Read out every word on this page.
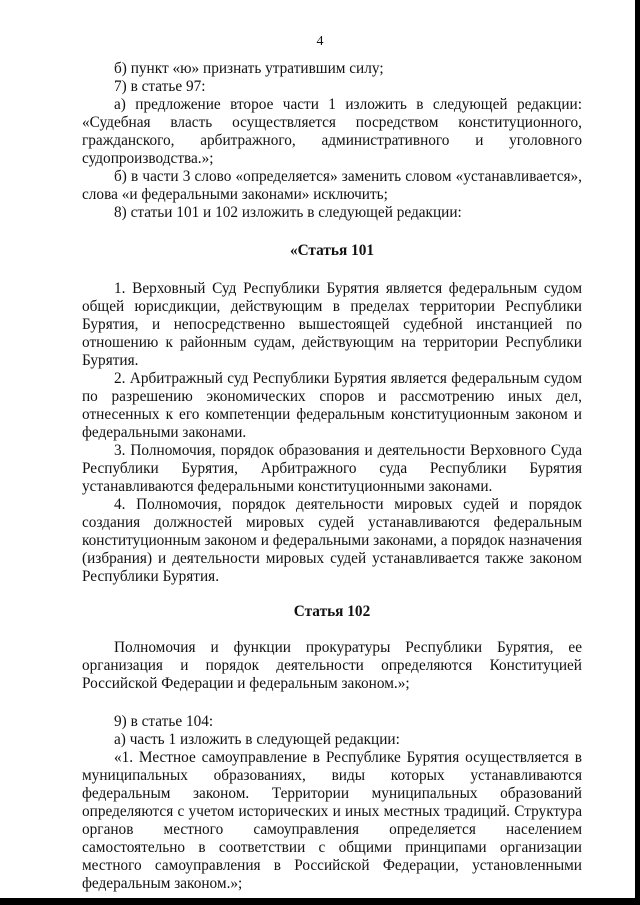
4

б) пункт «ю» признать утратившим силу;

7) в статье 97:

а) предложение второе части 1 изложить в следующей редакции: «Судебная власть осуществляется посредством конституционного, гражданского, арбитражного, административного и уголовного судопроизводства.»;

б) в части 3 слово «определяется» заменить словом «устанавливается», слова «и федеральными законами» исключить;

8) статьи 101 и 102 изложить в следующей редакции:

«Статья 101

1. Верховный Суд Республики Бурятия является федеральным судом общей юрисдикции, действующим в пределах территории Республики Бурятия, и непосредственно вышестоящей судебной инстанцией по отношению к районным судам, действующим на территории Республики Бурятия.

2. Арбитражный суд Республики Бурятия является федеральным судом по разрешению экономических споров и рассмотрению иных дел, отнесенных к его компетенции федеральным конституционным законом и федеральными законами.

3. Полномочия, порядок образования и деятельности Верховного Суда Республики Бурятия, Арбитражного суда Республики Бурятия устанавливаются федеральными конституционными законами.

4. Полномочия, порядок деятельности мировых судей и порядок создания должностей мировых судей устанавливаются федеральным конституционным законом и федеральными законами, а порядок назначения (избрания) и деятельности мировых судей устанавливается также законом Республики Бурятия.

Статья 102

Полномочия и функции прокуратуры Республики Бурятия, ее организация и порядок деятельности определяются Конституцией Российской Федерации и федеральным законом.»;

9) в статье 104:

а) часть 1 изложить в следующей редакции:

«1. Местное самоуправление в Республике Бурятия осуществляется в муниципальных образованиях, виды которых устанавливаются федеральным законом. Территории муниципальных образований определяются с учетом исторических и иных местных традиций. Структура органов местного самоуправления определяется населением самостоятельно в соответствии с общими принципами организации местного самоуправления в Российской Федерации, установленными федеральным законом.»;
